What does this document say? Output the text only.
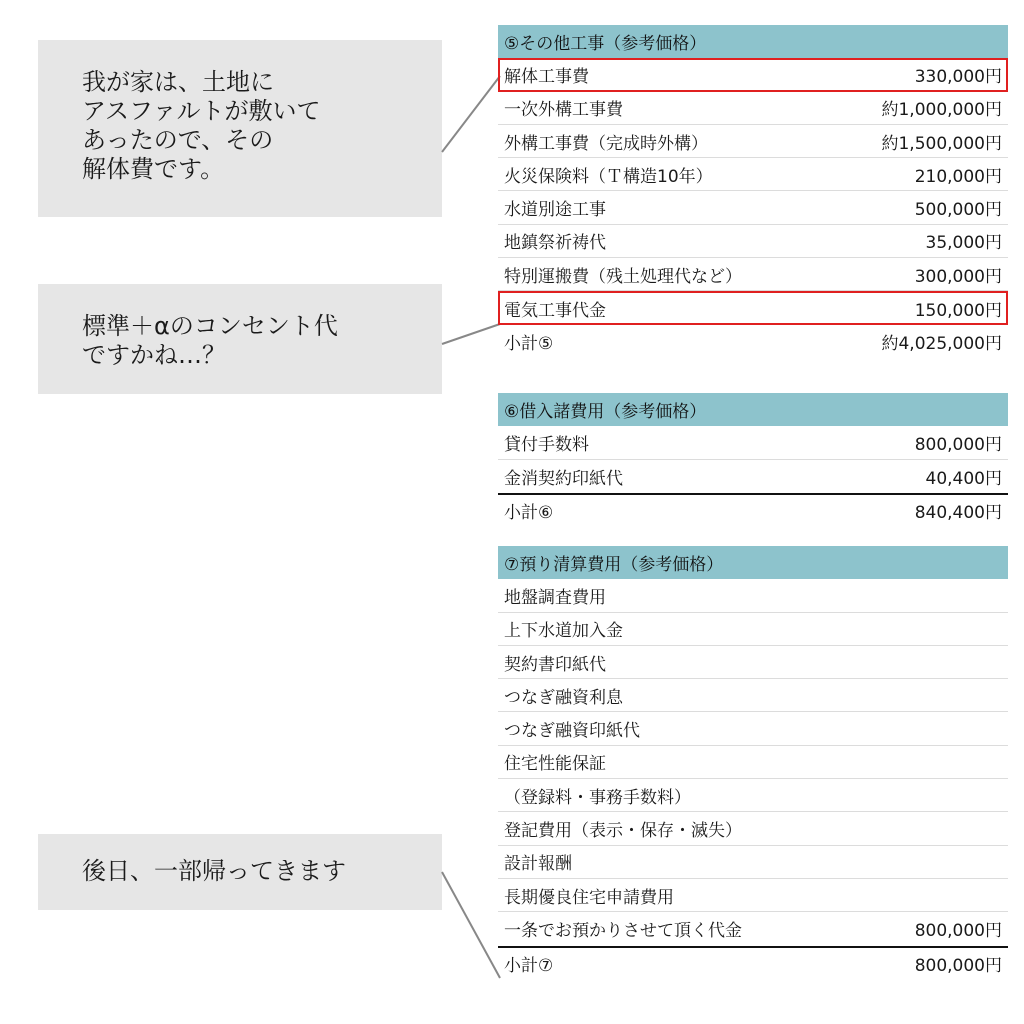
我が家は、土地に
アスファルトが敷いて
あったので、その
解体費です。
標準＋αのコンセント代
ですかね…？
後日、一部帰ってきます
⑤その他工事（参考価格）
解体工事費	330,000円
一次外構工事費	約1,000,000円
外構工事費（完成時外構）	約1,500,000円
火災保険料（Ｔ構造10年）	210,000円
水道別途工事	500,000円
地鎮祭祈祷代	35,000円
特別運搬費（残土処理代など）	300,000円
電気工事代金	150,000円
小計⑤	約4,025,000円
⑥借入諸費用（参考価格）
貸付手数料	800,000円
金消契約印紙代	40,400円
小計⑥	840,400円
⑦預り清算費用（参考価格）
地盤調査費用
上下水道加入金
契約書印紙代
つなぎ融資利息
つなぎ融資印紙代
住宅性能保証
（登録料・事務手数料）
登記費用（表示・保存・滅失）
設計報酬
長期優良住宅申請費用
一条でお預かりさせて頂く代金	800,000円
小計⑦	800,000円
